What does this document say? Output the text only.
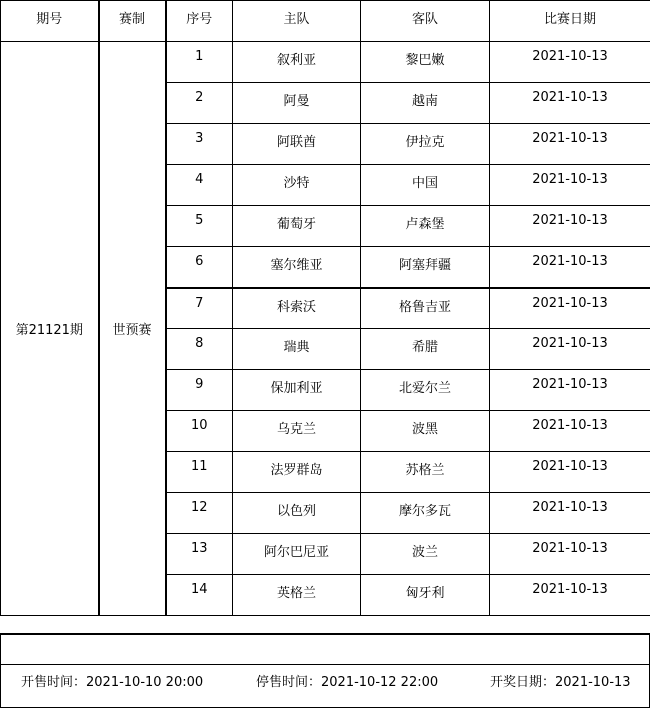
期号	赛制	序号	主队	客队	比赛日期
第21121期	世预赛	1	叙利亚	黎巴嫩	2021-10-13
		2	阿曼	越南	2021-10-13
		3	阿联酋	伊拉克	2021-10-13
		4	沙特	中国	2021-10-13
		5	葡萄牙	卢森堡	2021-10-13
		6	塞尔维亚	阿塞拜疆	2021-10-13
		7	科索沃	格鲁吉亚	2021-10-13
		8	瑞典	希腊	2021-10-13
		9	保加利亚	北爱尔兰	2021-10-13
		10	乌克兰	波黑	2021-10-13
		11	法罗群岛	苏格兰	2021-10-13
		12	以色列	摩尔多瓦	2021-10-13
		13	阿尔巴尼亚	波兰	2021-10-13
		14	英格兰	匈牙利	2021-10-13
开售时间：2021-10-10 20:00	停售时间：2021-10-12 22:00	开奖日期：2021-10-13
